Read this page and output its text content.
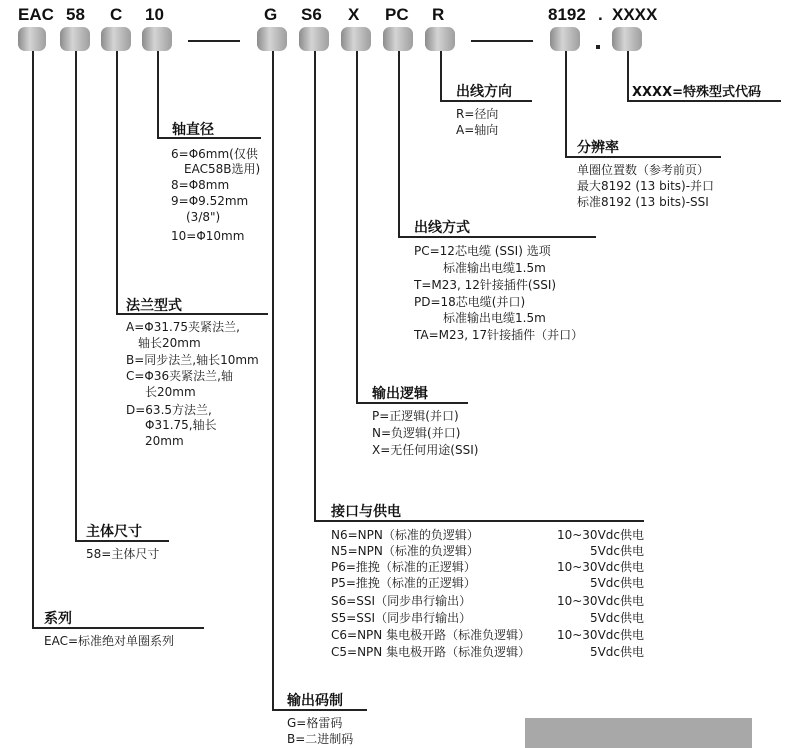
EAC 58 C 10	G S6 X PC R	8192 . XXXX
轴直径
6=Φ6mm(仅供
EAC58B选用)
8=Φ8mm
9=Φ9.52mm
(3/8")
10=Φ10mm
法兰型式
A=Φ31.75夹紧法兰,
轴长20mm
B=同步法兰,轴长10mm
C=Φ36夹紧法兰,轴
长20mm
D=63.5方法兰,
Φ31.75,轴长
20mm
主体尺寸
58=主体尺寸
系列
EAC=标准绝对单圈系列
输出码制
G=格雷码
B=二进制码
接口与供电
N6=NPN（标准的负逻辑）	10~30Vdc供电
N5=NPN（标准的负逻辑）	5Vdc供电
P6=推挽（标准的正逻辑）	10~30Vdc供电
P5=推挽（标准的正逻辑）	5Vdc供电
S6=SSI（同步串行输出）	10~30Vdc供电
S5=SSI（同步串行输出）	5Vdc供电
C6=NPN 集电极开路（标准负逻辑）	10~30Vdc供电
C5=NPN 集电极开路（标准负逻辑）	5Vdc供电
输出逻辑
P=正逻辑(并口)
N=负逻辑(并口)
X=无任何用途(SSI)
出线方式
PC=12芯电缆 (SSI) 选项
标准输出电缆1.5m
T=M23, 12针接插件(SSI)
PD=18芯电缆(并口)
标准输出电缆1.5m
TA=M23, 17针接插件（并口）
出线方向
R=径向
A=轴向
分辨率
单圈位置数（参考前页）
最大8192 (13 bits)-并口
标准8192 (13 bits)-SSI
XXXX=特殊型式代码
